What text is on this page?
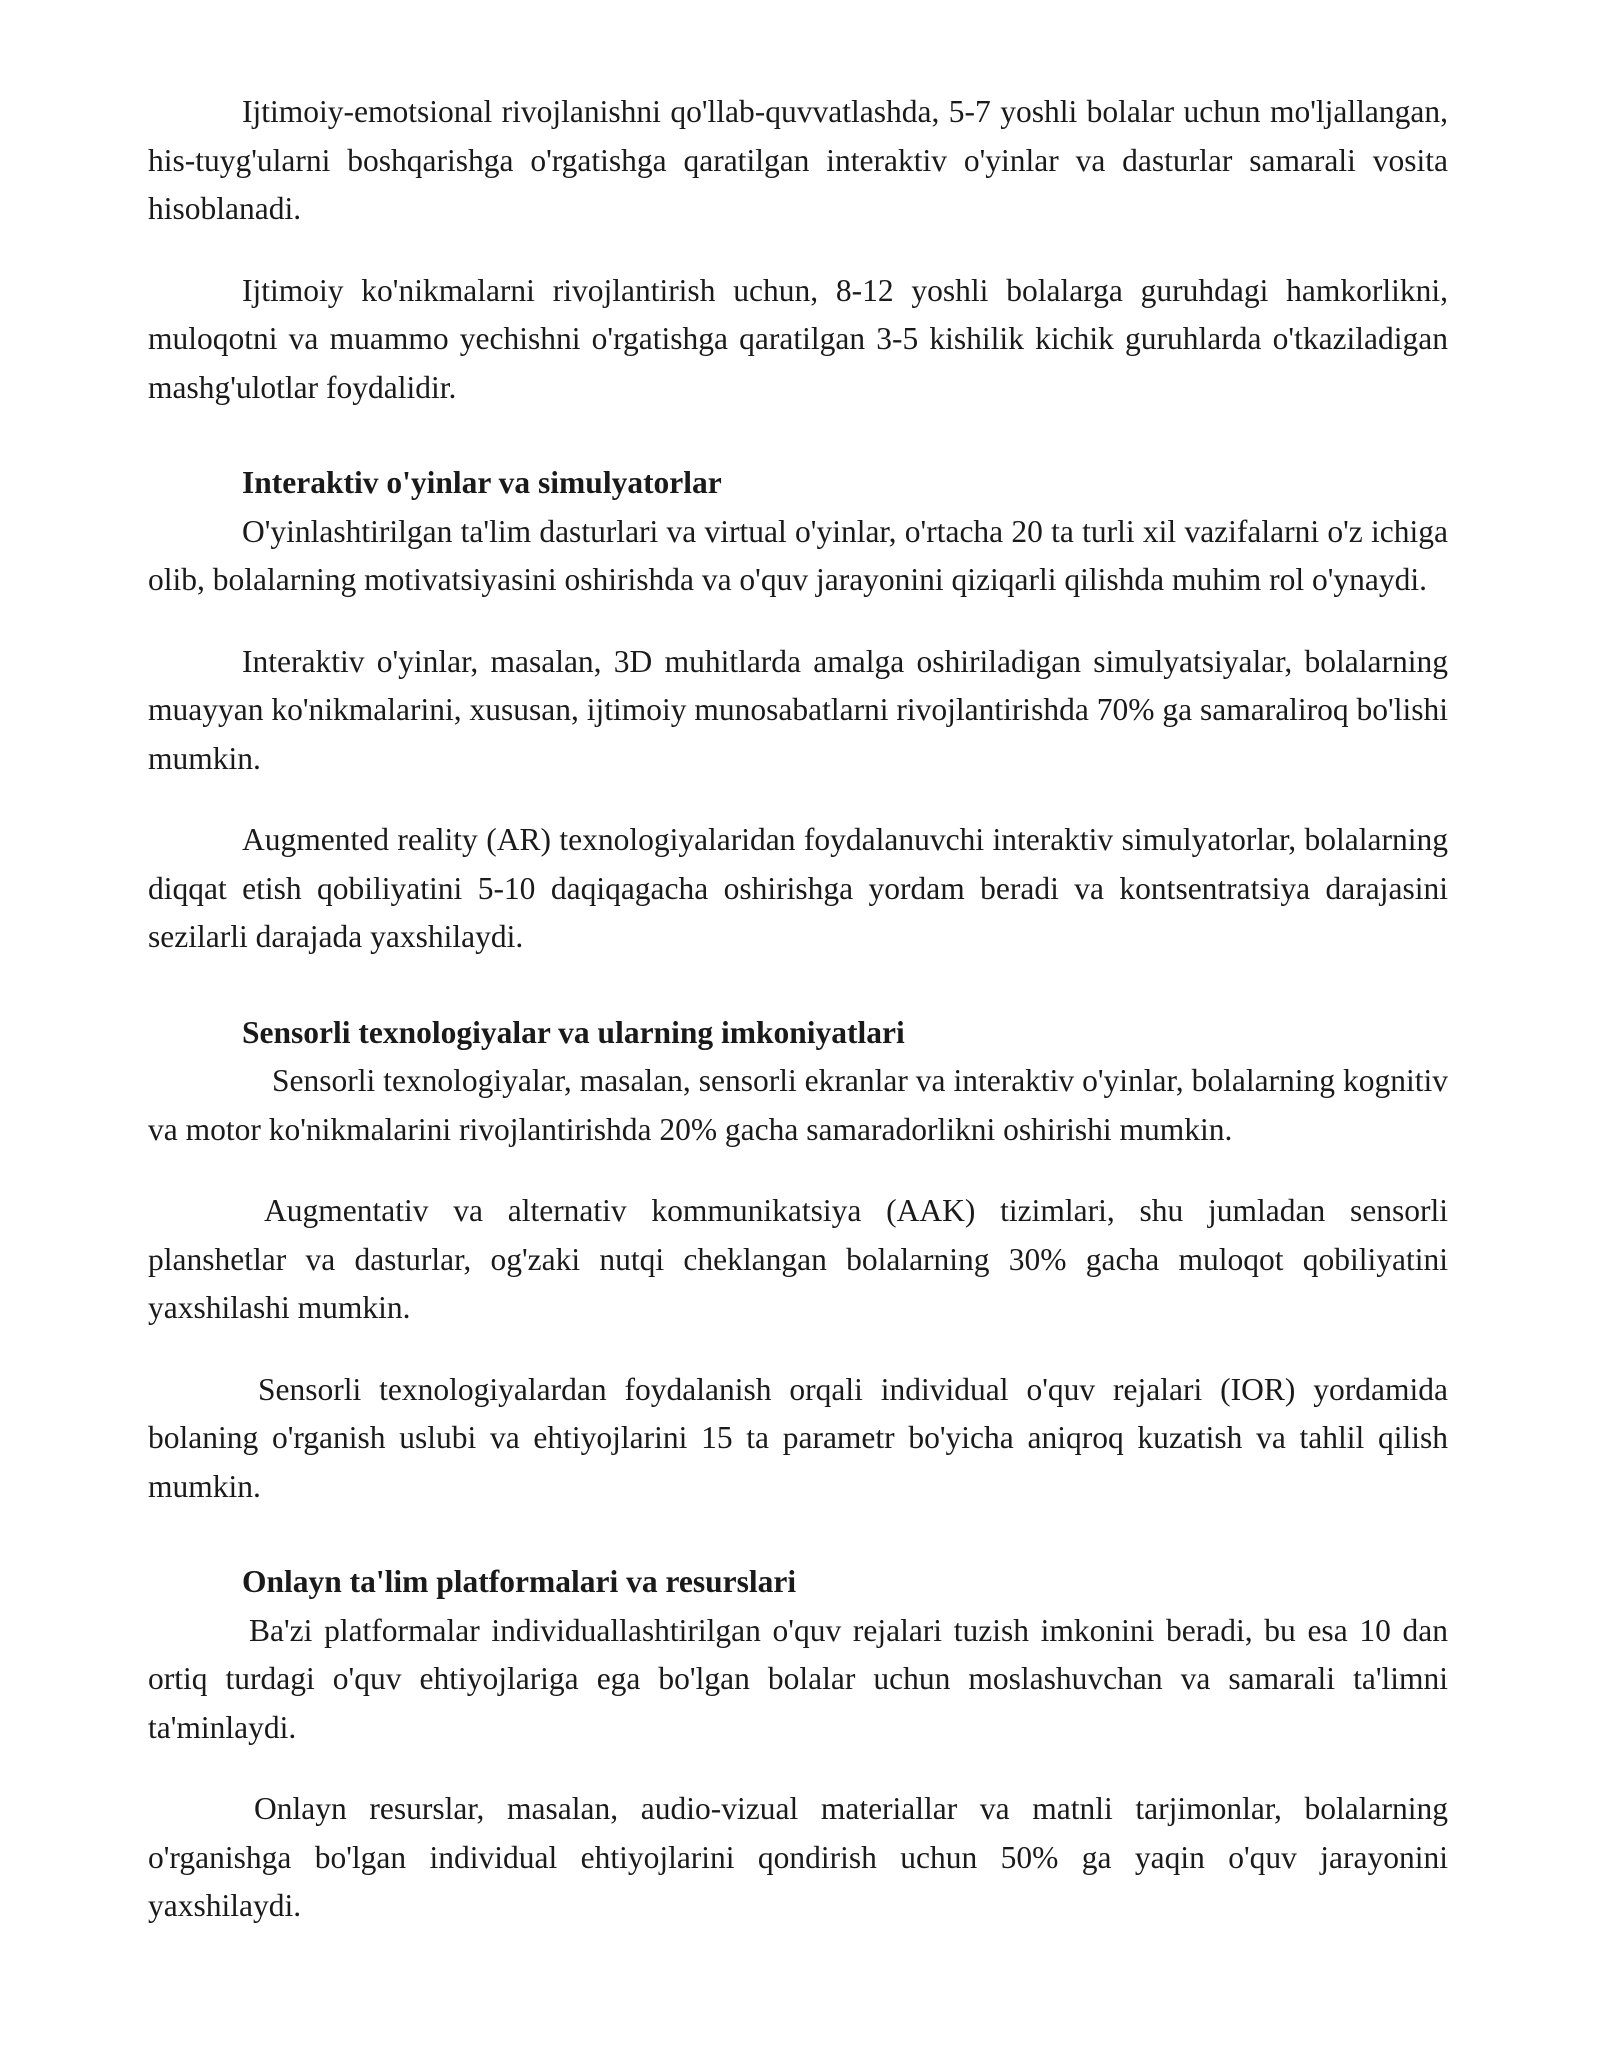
Ijtimoiy-emotsional rivojlanishni qo'llab-quvvatlashda, 5-7 yoshli bolalar uchun mo'ljallangan, his-tuyg'ularni boshqarishga o'rgatishga qaratilgan interaktiv o'yinlar va dasturlar samarali vosita hisoblanadi.

Ijtimoiy ko'nikmalarni rivojlantirish uchun, 8-12 yoshli bolalarga guruhdagi hamkorlikni, muloqotni va muammo yechishni o'rgatishga qaratilgan 3-5 kishilik kichik guruhlarda o'tkaziladigan mashg'ulotlar foydalidir.

Interaktiv o'yinlar va simulyatorlar

O'yinlashtirilgan ta'lim dasturlari va virtual o'yinlar, o'rtacha 20 ta turli xil vazifalarni o'z ichiga olib, bolalarning motivatsiyasini oshirishda va o'quv jarayonini qiziqarli qilishda muhim rol o'ynaydi.

Interaktiv o'yinlar, masalan, 3D muhitlarda amalga oshiriladigan simulyatsiyalar, bolalarning muayyan ko'nikmalarini, xususan, ijtimoiy munosabatlarni rivojlantirishda 70% ga samaraliroq bo'lishi mumkin.

Augmented reality (AR) texnologiyalaridan foydalanuvchi interaktiv simulyatorlar, bolalarning diqqat etish qobiliyatini 5-10 daqiqagacha oshirishga yordam beradi va kontsentratsiya darajasini sezilarli darajada yaxshilaydi.

Sensorli texnologiyalar va ularning imkoniyatlari

Sensorli texnologiyalar, masalan, sensorli ekranlar va interaktiv o'yinlar, bolalarning kognitiv va motor ko'nikmalarini rivojlantirishda 20% gacha samaradorlikni oshirishi mumkin.

Augmentativ va alternativ kommunikatsiya (AAK) tizimlari, shu jumladan sensorli planshetlar va dasturlar, og'zaki nutqi cheklangan bolalarning 30% gacha muloqot qobiliyatini yaxshilashi mumkin.

Sensorli texnologiyalardan foydalanish orqali individual o'quv rejalari (IOR) yordamida bolaning o'rganish uslubi va ehtiyojlarini 15 ta parametr bo'yicha aniqroq kuzatish va tahlil qilish mumkin.

Onlayn ta'lim platformalari va resurslari

Ba'zi platformalar individuallashtirilgan o'quv rejalari tuzish imkonini beradi, bu esa 10 dan ortiq turdagi o'quv ehtiyojlariga ega bo'lgan bolalar uchun moslashuvchan va samarali ta'limni ta'minlaydi.

Onlayn resurslar, masalan, audio-vizual materiallar va matnli tarjimonlar, bolalarning o'rganishga bo'lgan individual ehtiyojlarini qondirish uchun 50% ga yaqin o'quv jarayonini yaxshilaydi.
